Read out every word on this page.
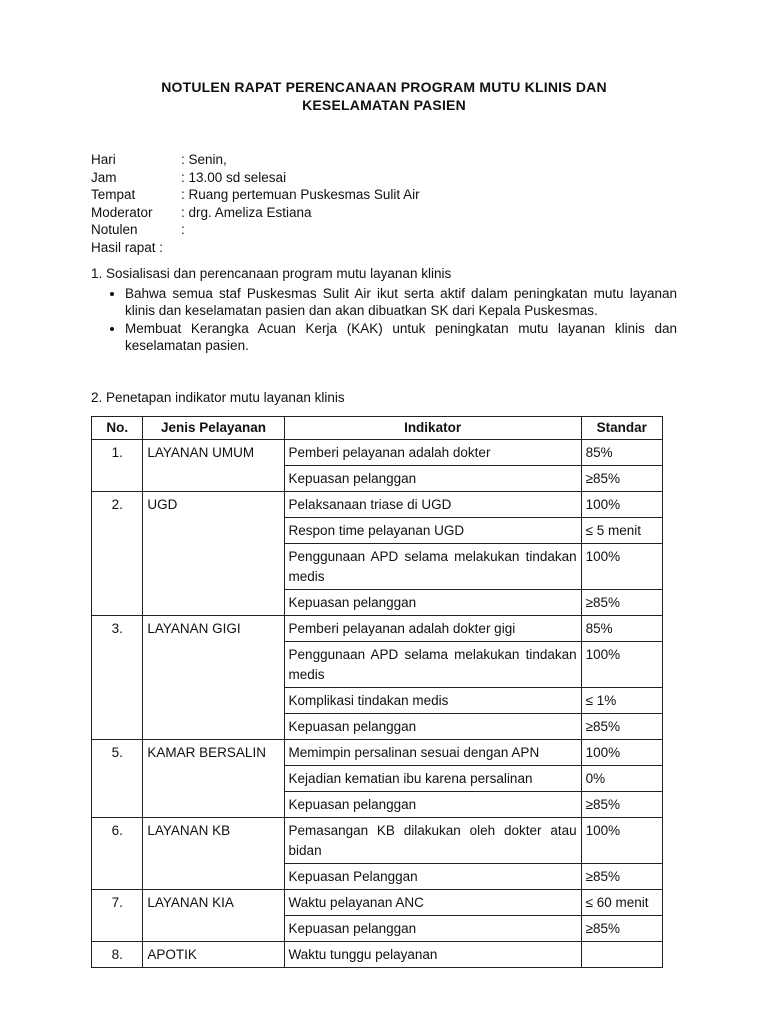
NOTULEN RAPAT PERENCANAAN PROGRAM MUTU KLINIS DAN
KESELAMATAN PASIEN
Hari	: Senin,
Jam	: 13.00 sd selesai
Tempat	: Ruang pertemuan Puskesmas Sulit Air
Moderator	: drg. Ameliza Estiana
Notulen	:
Hasil rapat :
1. Sosialisasi dan perencanaan program mutu layanan klinis
• Bahwa semua staf Puskesmas Sulit Air ikut serta aktif dalam peningkatan mutu layanan klinis dan keselamatan pasien dan akan dibuatkan SK dari Kepala Puskesmas.
• Membuat Kerangka Acuan Kerja (KAK) untuk peningkatan mutu layanan klinis dan keselamatan pasien.
2. Penetapan indikator mutu layanan klinis
No.	Jenis Pelayanan	Indikator	Standar
1.	LAYANAN UMUM	Pemberi pelayanan adalah dokter	85%
		Kepuasan pelanggan	≥85%
2.	UGD	Pelaksanaan triase di UGD	100%
		Respon time pelayanan UGD	≤ 5 menit
		Penggunaan APD selama melakukan tindakan medis	100%
		Kepuasan pelanggan	≥85%
3.	LAYANAN GIGI	Pemberi pelayanan adalah dokter gigi	85%
		Penggunaan APD selama melakukan tindakan medis	100%
		Komplikasi tindakan medis	≤ 1%
		Kepuasan pelanggan	≥85%
5.	KAMAR BERSALIN	Memimpin persalinan sesuai dengan APN	100%
		Kejadian kematian ibu karena persalinan	0%
		Kepuasan pelanggan	≥85%
6.	LAYANAN KB	Pemasangan KB dilakukan oleh dokter atau bidan	100%
		Kepuasan Pelanggan	≥85%
7.	LAYANAN KIA	Waktu pelayanan ANC	≤ 60 menit
		Kepuasan pelanggan	≥85%
8.	APOTIK	Waktu tunggu pelayanan	
